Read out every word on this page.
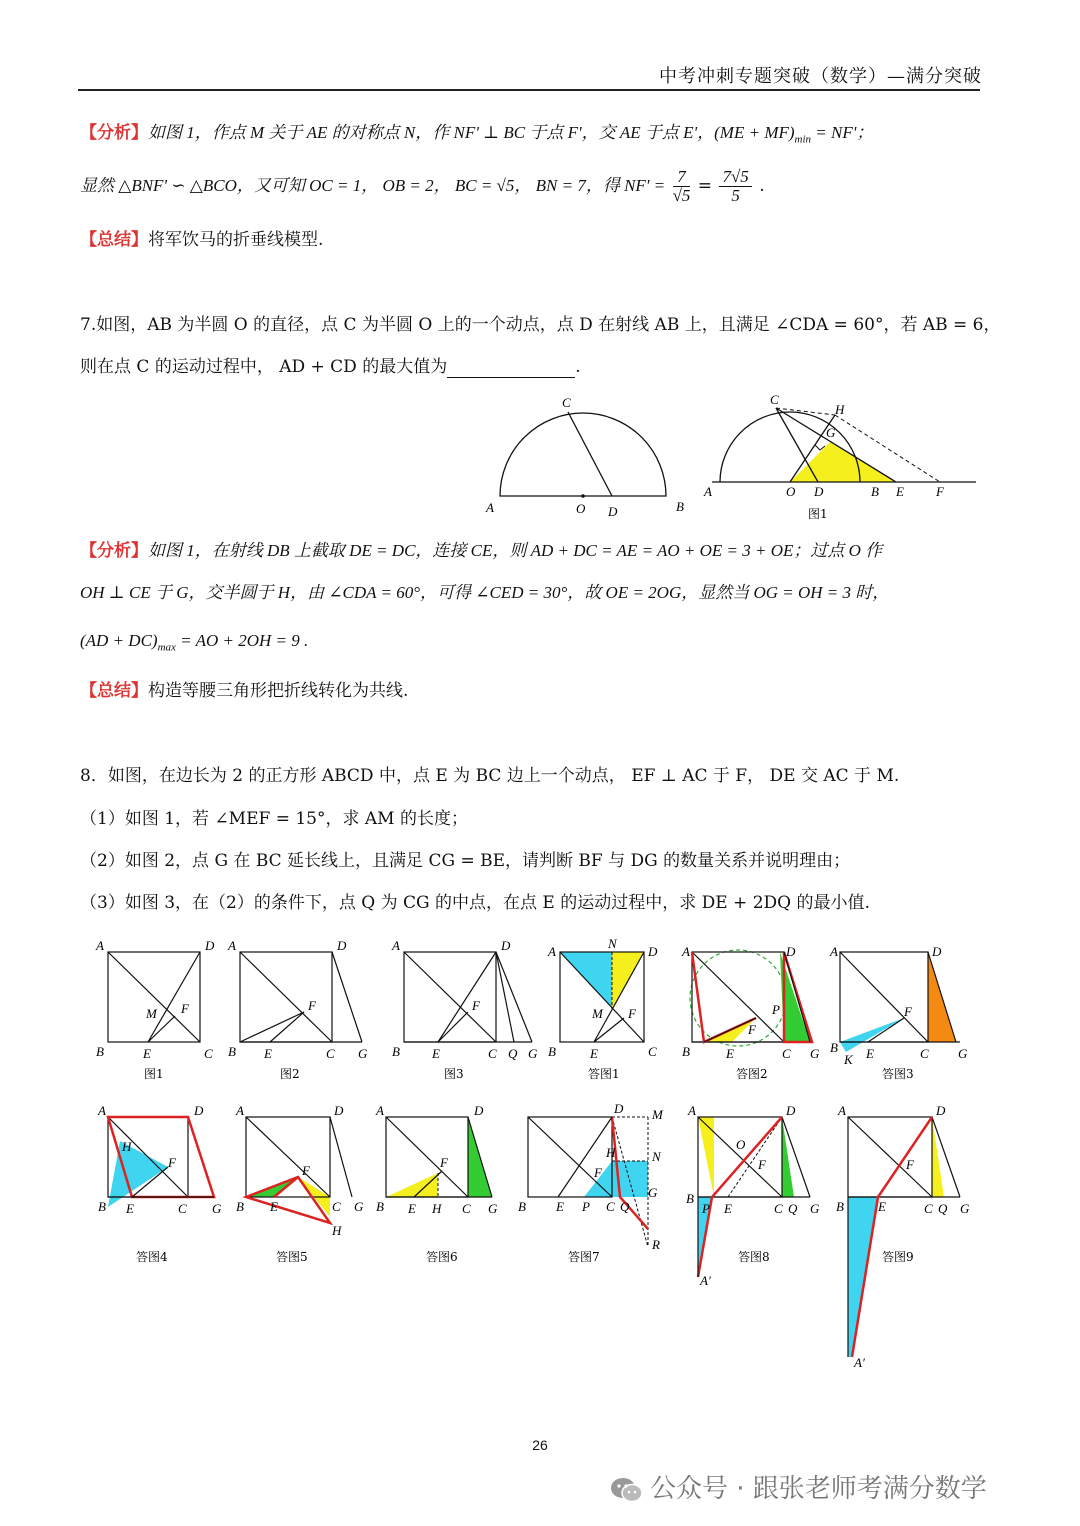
中考冲刺专题突破（数学）—满分突破
【分析】如图 1，作点 M 关于 AE 的对称点 N，作 NF' ⊥ BC 于点 F'，交 AE 于点 E'，$(ME + MF)_{min} = NF'$；
显然 △BNF' ∽ △BCO，又可知 OC = 1， OB = 2， BC = √5， BN = 7，得 $NF' = \frac{7}{√5} = \frac{7√5}{5}$ .
【总结】将军饮马的折垂线模型.
7.如图，AB 为半圆 O 的直径，点 C 为半圆 O 上的一个动点，点 D 在射线 AB 上，且满足 ∠CDA = 60°，若 AB = 6，
则在点 C 的运动过程中， AD + CD 的最大值为	.
C
A	O D	B
C
H
G
A	O D	B E F
图1
【分析】如图 1，在射线 DB 上截取 DE = DC，连接 CE，则 AD + DC = AE = AO + OE = 3 + OE；过点 O 作
OH ⊥ CE 于 G，交半圆于 H，由 ∠CDA = 60°，可得 ∠CED = 30°，故 OE = 2OG，显然当 OG = OH = 3 时，
$(AD + DC)_{max}$ = AO + 2OH = 9 .
【总结】构造等腰三角形把折线转化为共线.
8．如图，在边长为 2 的正方形 ABCD 中，点 E 为 BC 边上一个动点， EF ⊥ AC 于 F， DE 交 AC 于 M.
（1）如图 1，若 ∠MEF = 15°，求 AM 的长度；
（2）如图 2，点 G 在 BC 延长线上，且满足 CG = BE，请判断 BF 与 DG 的数量关系并说明理由；
（3）如图 3，在（2）的条件下，点 Q 为 CG 的中点，在点 E 的运动过程中，求 DE + 2DQ 的最小值.
A	D
B	C
E
F
M
图1
A	D
B	C
E
F
G
图2
A	D
B	C
E
F
Q G
图3
A	D
N
B	C
E
F
M
答图1
A	D
B	C
E
F
P
G
答图2
A	D
B	C
E
F
K	G
答图3
A	D
B	C
E
F
H
G
答图4
A	D
B	C
E
F
H
G
答图5
A	D
B	C
E
F
H	G
答图6
B E P C Q
D M
N
R
G
H
F
答图7
A	D
B
P E	C Q G
O
F
A′
答图8
A	D
B	E	C Q G
F
A′
答图9
26
公众号 · 跟张老师考满分数学
